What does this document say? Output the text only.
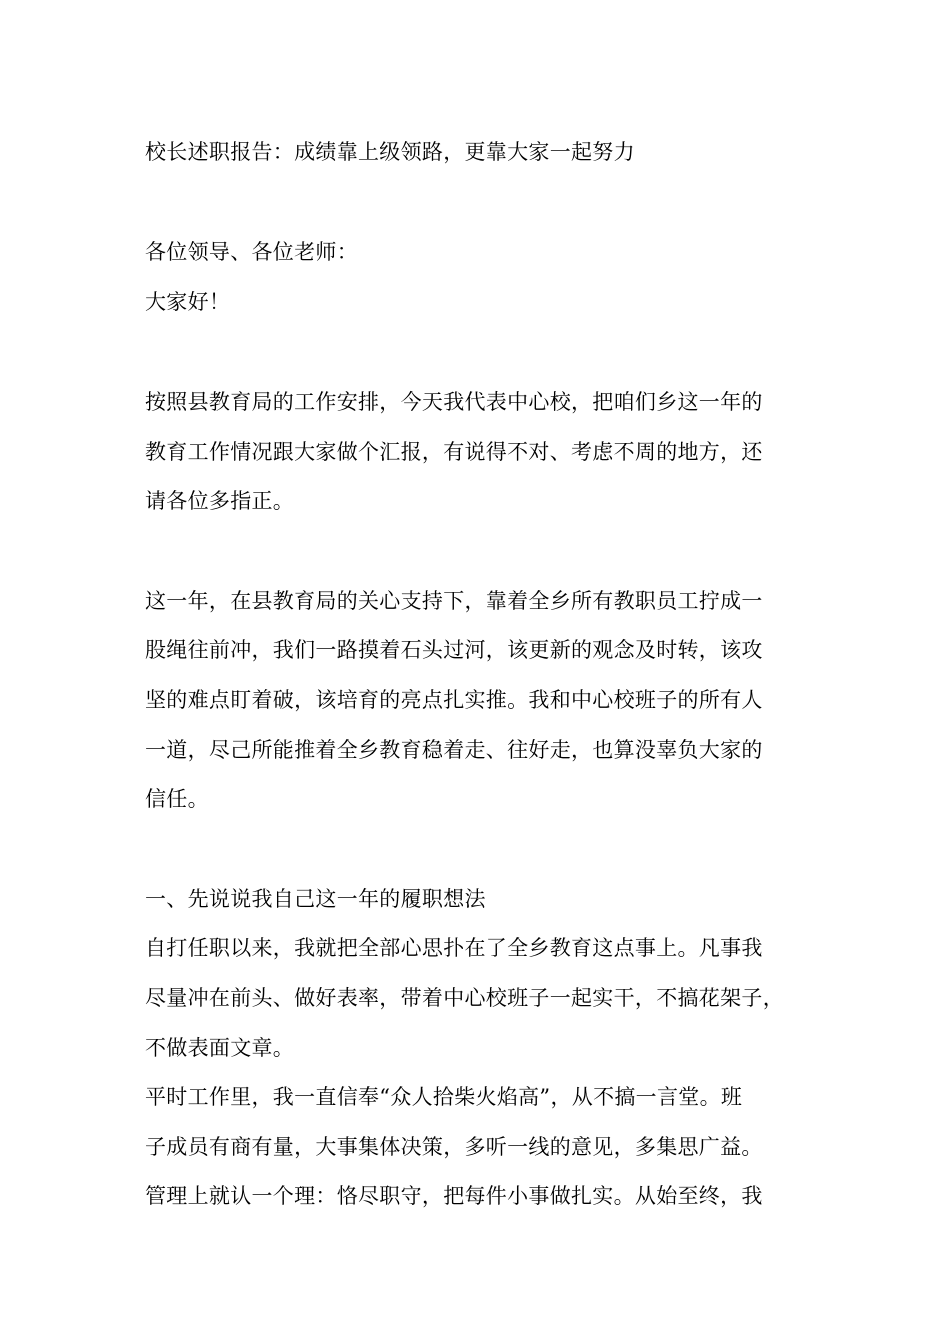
校长述职报告：成绩靠上级领路，更靠大家一起努力
各位领导、各位老师：
大家好！
按照县教育局的工作安排，今天我代表中心校，把咱们乡这一年的
教育工作情况跟大家做个汇报，有说得不对、考虑不周的地方，还
请各位多指正。
这一年，在县教育局的关心支持下，靠着全乡所有教职员工拧成一
股绳往前冲，我们一路摸着石头过河，该更新的观念及时转，该攻
坚的难点盯着破，该培育的亮点扎实推。我和中心校班子的所有人
一道，尽己所能推着全乡教育稳着走、往好走，也算没辜负大家的
信任。
一、先说说我自己这一年的履职想法
自打任职以来，我就把全部心思扑在了全乡教育这点事上。凡事我
尽量冲在前头、做好表率，带着中心校班子一起实干，不搞花架子，
不做表面文章。
平时工作里，我一直信奉“众人拾柴火焰高”，从不搞一言堂。班
子成员有商有量，大事集体决策，多听一线的意见，多集思广益。
管理上就认一个理：恪尽职守，把每件小事做扎实。从始至终，我
